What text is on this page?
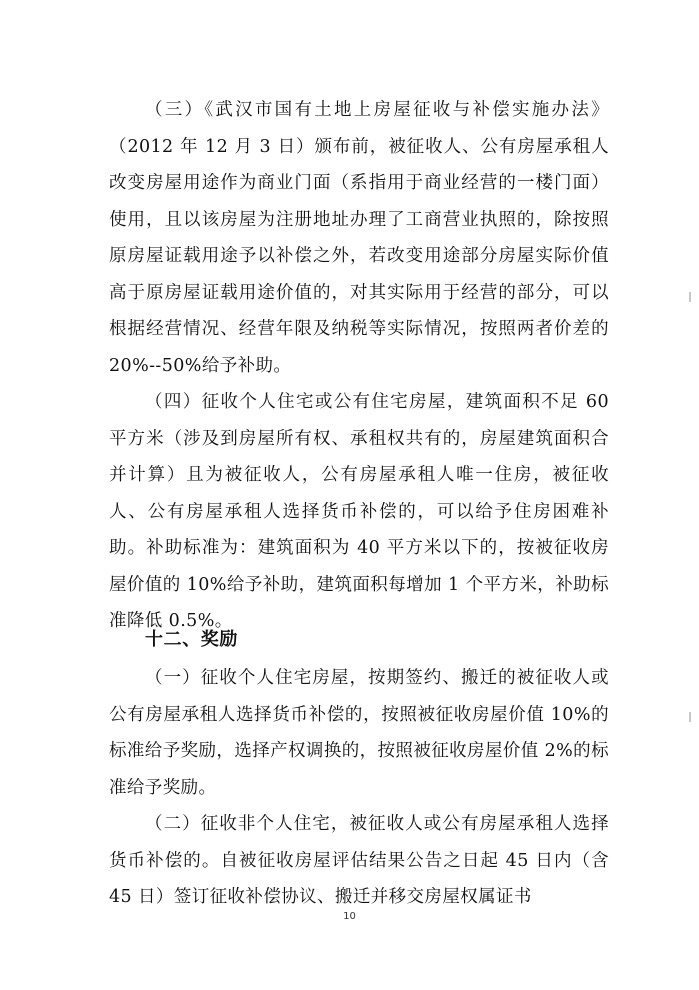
（三）《武汉市国有土地上房屋征收与补偿实施办法》（2012 年 12 月 3 日）颁布前，被征收人、公有房屋承租人改变房屋用途作为商业门面（系指用于商业经营的一楼门面）使用，且以该房屋为注册地址办理了工商营业执照的，除按照原房屋证载用途予以补偿之外，若改变用途部分房屋实际价值高于原房屋证载用途价值的，对其实际用于经营的部分，可以根据经营情况、经营年限及纳税等实际情况，按照两者价差的 20%--50%给予补助。

（四）征收个人住宅或公有住宅房屋，建筑面积不足 60 平方米（涉及到房屋所有权、承租权共有的，房屋建筑面积合并计算）且为被征收人，公有房屋承租人唯一住房，被征收人、公有房屋承租人选择货币补偿的，可以给予住房困难补助。补助标准为：建筑面积为 40 平方米以下的，按被征收房屋价值的 10%给予补助，建筑面积每增加 1 个平方米，补助标准降低 0.5%。

十二、奖励

（一）征收个人住宅房屋，按期签约、搬迁的被征收人或公有房屋承租人选择货币补偿的，按照被征收房屋价值 10%的标准给予奖励，选择产权调换的，按照被征收房屋价值 2%的标准给予奖励。

（二）征收非个人住宅，被征收人或公有房屋承租人选择货币补偿的。自被征收房屋评估结果公告之日起 45 日内（含 45 日）签订征收补偿协议、搬迁并移交房屋权属证书

10
